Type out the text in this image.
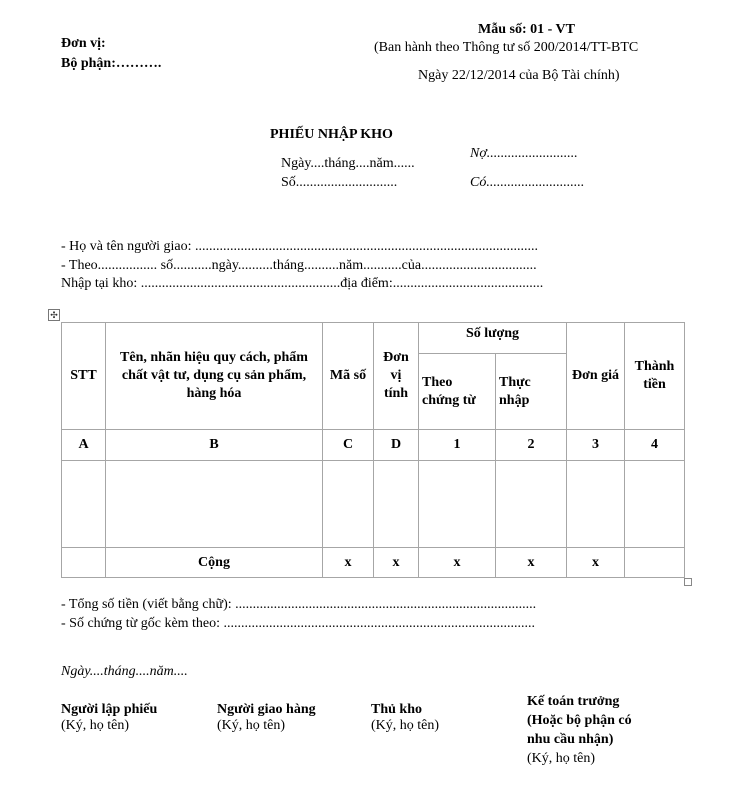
Đơn vị:
Bộ phận:……….
Mẫu số: 01 - VT
(Ban hành theo Thông tư số 200/2014/TT-BTC
Ngày 22/12/2014 của Bộ Tài chính)
PHIẾU NHẬP KHO
Ngày....tháng....năm......
Số.............................
Nợ..........................
Có............................
- Họ và tên người giao: ..................................................................................................
- Theo................. số...........ngày..........tháng..........năm...........của.................................
Nhập tại kho: .........................................................địa điểm:...........................................
✣
STT	Tên, nhãn hiệu quy cách, phẩm chất vật tư, dụng cụ sản phẩm, hàng hóa	Mã số	Đơn vị tính	Số lượng		Đơn giá	Thành tiền
				Theo chứng từ	Thực nhập		
A	B	C	D	1	2	3	4

	Cộng	x	x	x	x	x	
- Tổng số tiền (viết bằng chữ): ......................................................................................
- Số chứng từ gốc kèm theo: .........................................................................................
Ngày....tháng....năm....
Người lập phiếu
(Ký, họ tên)
Người giao hàng
(Ký, họ tên)
Thủ kho
(Ký, họ tên)
Kế toán trưởng
(Hoặc bộ phận có
nhu cầu nhận)
(Ký, họ tên)
